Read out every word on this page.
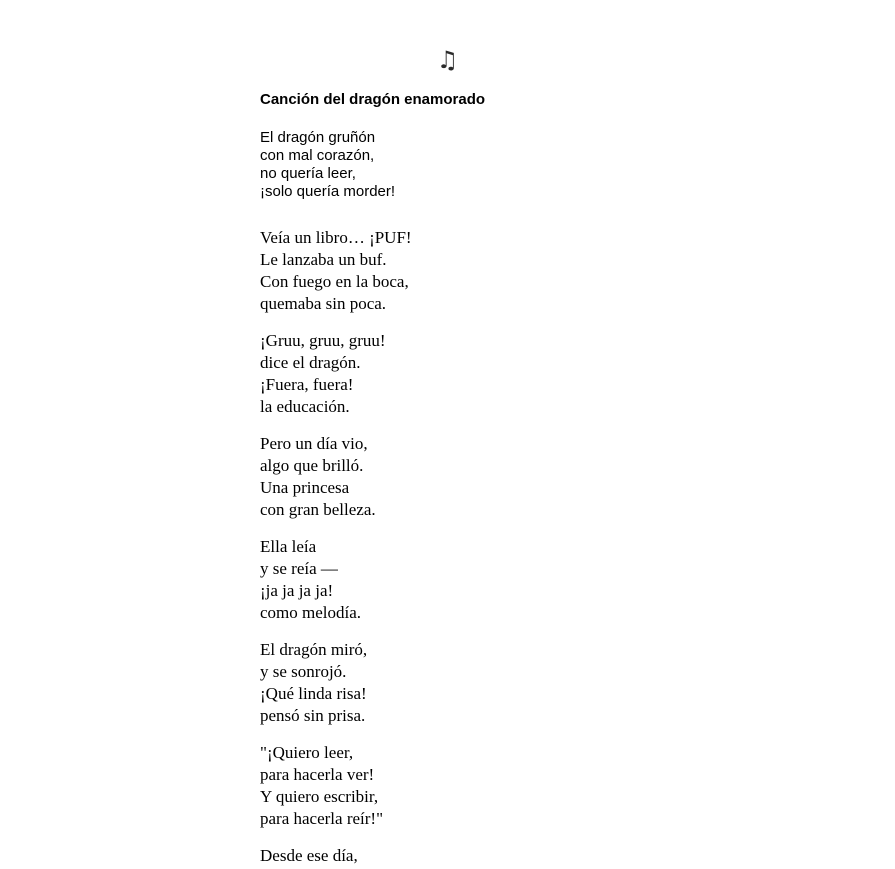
♫
Canción del dragón enamorado

El dragón gruñón
con mal corazón,
no quería leer,
¡solo quería morder!

Veía un libro… ¡PUF!
Le lanzaba un buf.
Con fuego en la boca,
quemaba sin poca.

¡Gruu, gruu, gruu!
dice el dragón.
¡Fuera, fuera!
la educación.

Pero un día vio,
algo que brilló.
Una princesa
con gran belleza.

Ella leía
y se reía —
¡ja ja ja ja!
como melodía.

El dragón miró,
y se sonrojó.
¡Qué linda risa!
pensó sin prisa.

"¡Quiero leer,
para hacerla ver!
Y quiero escribir,
para hacerla reír!"

Desde ese día,
